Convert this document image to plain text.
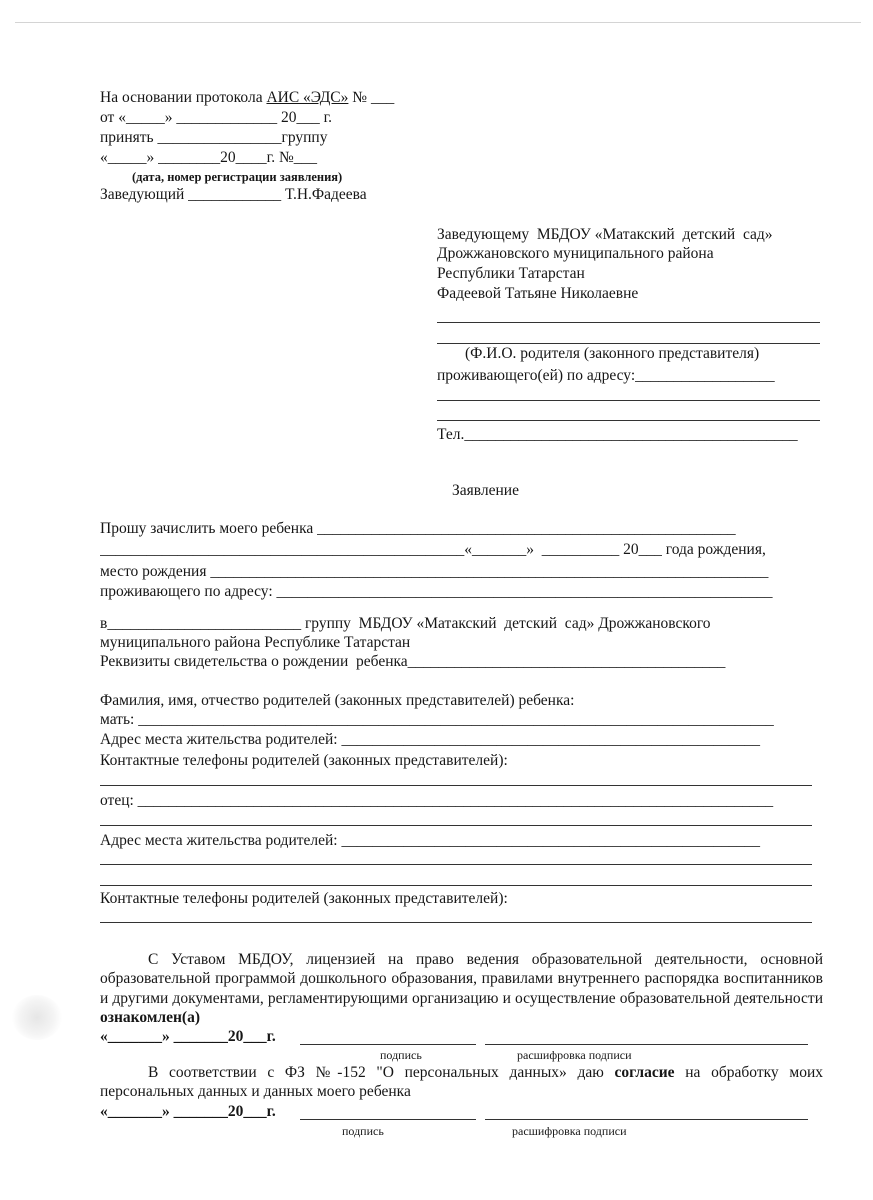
На основании протокола АИС «ЭДС» № ___
от «_____» _____________ 20___ г.
принять ________________группу
«_____» ________20____г. №___
(дата, номер регистрации заявления)
Заведующий ____________ Т.Н.Фадеева
Заведующему  МБДОУ «Матакский  детский  сад»
Дрожжановского муниципального района
Республики Татарстан
Фадеевой Татьяне Николаевне
(Ф.И.О. родителя (законного представителя)
проживающего(ей) по адресу:__________________
Тел.___________________________________________
Заявление
Прошу зачислить моего ребенка ______________________________________________________
_______________________________________________«_______»  __________ 20___ года рождения,
место рождения ________________________________________________________________________
проживающего по адресу: ________________________________________________________________
в_________________________ группу  МБДОУ «Матакский  детский  сад» Дрожжановского
муниципального района Республике Татарстан
Реквизиты свидетельства о рождении  ребенка_________________________________________
Фамилия, имя, отчество родителей (законных представителей) ребенка:
мать: __________________________________________________________________________________
Адрес места жительства родителей: ______________________________________________________
Контактные телефоны родителей (законных представителей):
отец: __________________________________________________________________________________
Адрес места жительства родителей: ______________________________________________________
Контактные телефоны родителей (законных представителей):
С Уставом МБДОУ, лицензией на право ведения образовательной деятельности, основной образовательной программой дошкольного образования, правилами внутреннего распорядка воспитанников и другими документами, регламентирующими организацию и осуществление образовательной деятельности ознакомлен(а)
«_______» _______20___г.
подпись	расшифровка подписи
В соответствии с ФЗ №-152 "О персональных данных» даю согласие на обработку моих персональных данных и данных моего ребенка
«_______» _______20___г.
подпись	расшифровка подписи
